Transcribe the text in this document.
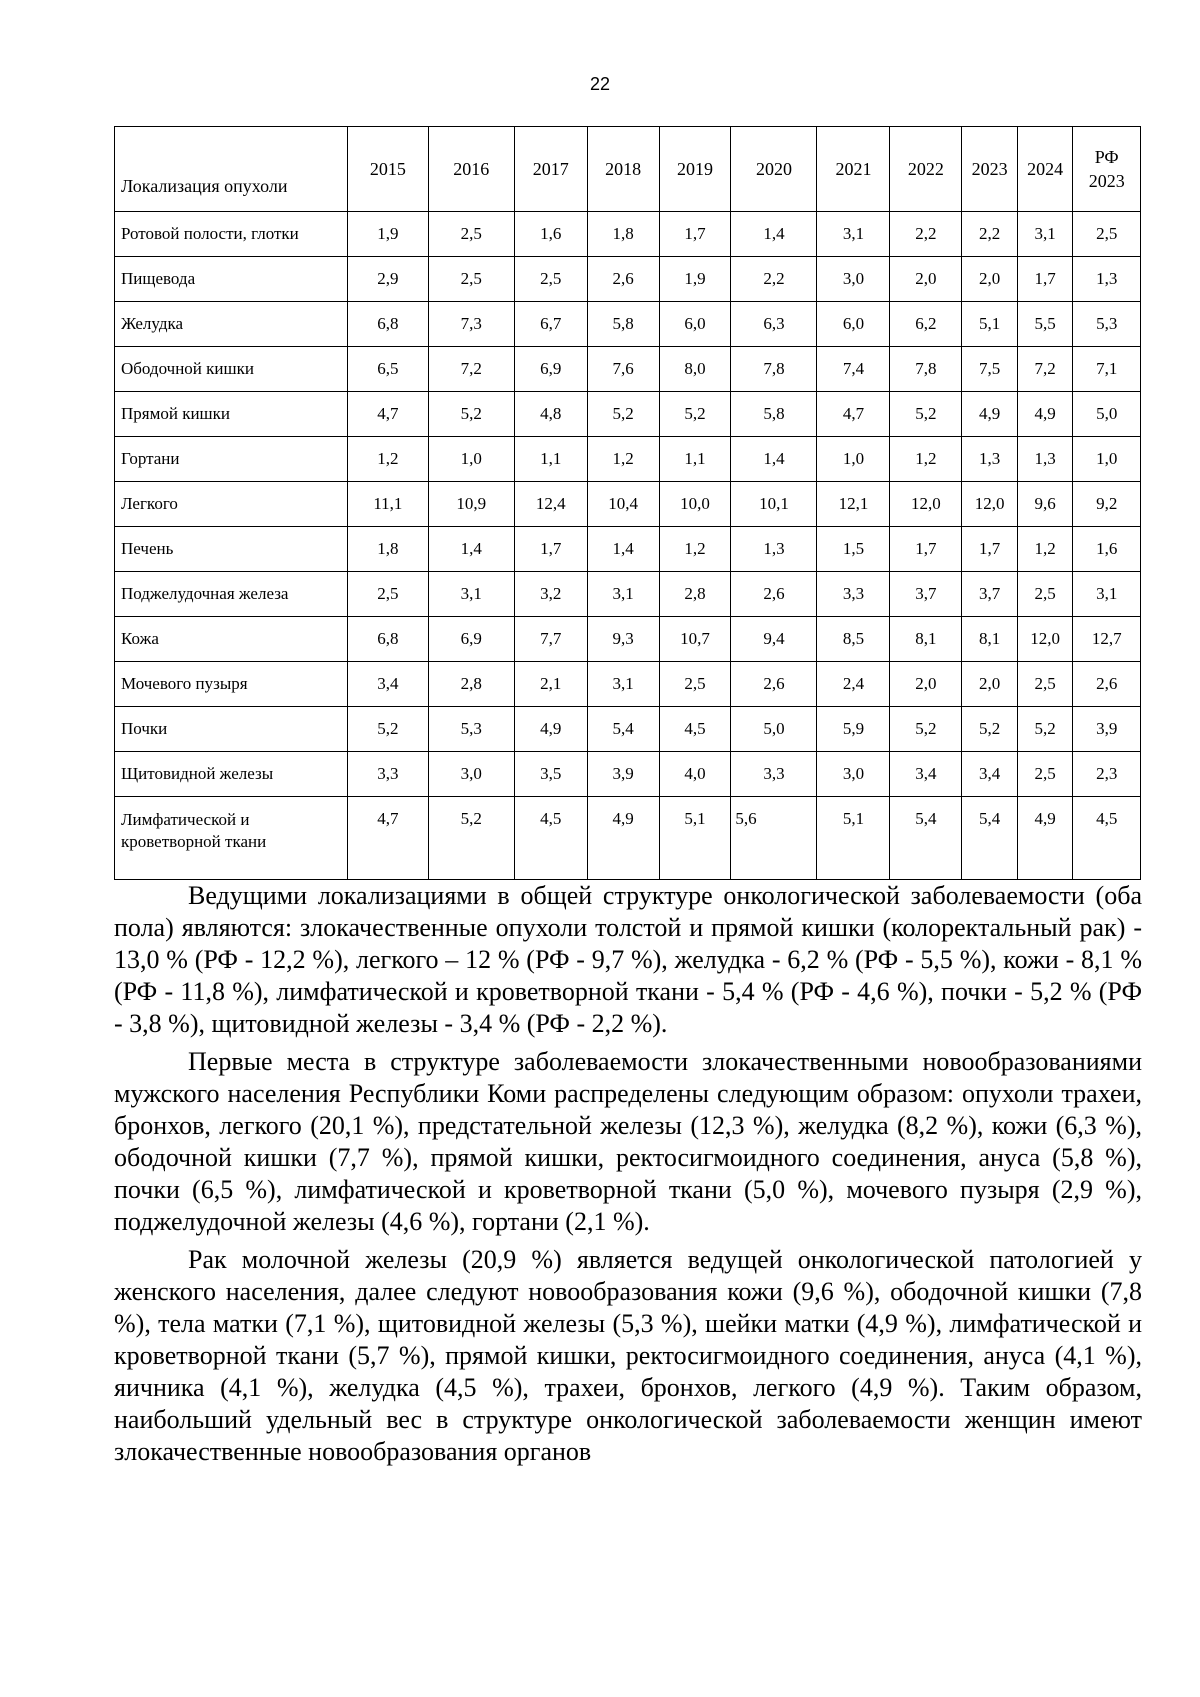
22
Локализация опухоли	2015	2016	2017	2018	2019	2020	2021	2022	2023	2024	РФ 2023
Ротовой полости, глотки	1,9	2,5	1,6	1,8	1,7	1,4	3,1	2,2	2,2	3,1	2,5
Пищевода	2,9	2,5	2,5	2,6	1,9	2,2	3,0	2,0	2,0	1,7	1,3
Желудка	6,8	7,3	6,7	5,8	6,0	6,3	6,0	6,2	5,1	5,5	5,3
Ободочной кишки	6,5	7,2	6,9	7,6	8,0	7,8	7,4	7,8	7,5	7,2	7,1
Прямой кишки	4,7	5,2	4,8	5,2	5,2	5,8	4,7	5,2	4,9	4,9	5,0
Гортани	1,2	1,0	1,1	1,2	1,1	1,4	1,0	1,2	1,3	1,3	1,0
Легкого	11,1	10,9	12,4	10,4	10,0	10,1	12,1	12,0	12,0	9,6	9,2
Печень	1,8	1,4	1,7	1,4	1,2	1,3	1,5	1,7	1,7	1,2	1,6
Поджелудочная железа	2,5	3,1	3,2	3,1	2,8	2,6	3,3	3,7	3,7	2,5	3,1
Кожа	6,8	6,9	7,7	9,3	10,7	9,4	8,5	8,1	8,1	12,0	12,7
Мочевого пузыря	3,4	2,8	2,1	3,1	2,5	2,6	2,4	2,0	2,0	2,5	2,6
Почки	5,2	5,3	4,9	5,4	4,5	5,0	5,9	5,2	5,2	5,2	3,9
Щитовидной железы	3,3	3,0	3,5	3,9	4,0	3,3	3,0	3,4	3,4	2,5	2,3
Лимфатической и кроветворной ткани	4,7	5,2	4,5	4,9	5,1	5,6	5,1	5,4	5,4	4,9	4,5

Ведущими локализациями в общей структуре онкологической заболеваемости (оба пола) являются: злокачественные опухоли толстой и прямой кишки (колоректальный рак) - 13,0 % (РФ - 12,2 %), легкого – 12 % (РФ - 9,7 %), желудка - 6,2 % (РФ - 5,5 %), кожи - 8,1 % (РФ - 11,8 %), лимфатической и кроветворной ткани - 5,4 % (РФ - 4,6 %), почки - 5,2 % (РФ - 3,8 %), щитовидной железы - 3,4 % (РФ - 2,2 %).

Первые места в структуре заболеваемости злокачественными новообразованиями мужского населения Республики Коми распределены следующим образом: опухоли трахеи, бронхов, легкого (20,1 %), предстательной железы (12,3 %), желудка (8,2 %), кожи (6,3 %), ободочной кишки (7,7 %), прямой кишки, ректосигмоидного соединения, ануса (5,8 %), почки (6,5 %), лимфатической и кроветворной ткани (5,0 %), мочевого пузыря (2,9 %), поджелудочной железы (4,6 %), гортани (2,1 %).

Рак молочной железы (20,9 %) является ведущей онкологической патологией у женского населения, далее следуют новообразования кожи (9,6 %), ободочной кишки (7,8 %), тела матки (7,1 %), щитовидной железы (5,3 %), шейки матки (4,9 %), лимфатической и кроветворной ткани (5,7 %), прямой кишки, ректосигмоидного соединения, ануса (4,1 %), яичника (4,1 %), желудка (4,5 %), трахеи, бронхов, легкого (4,9 %). Таким образом, наибольший удельный вес в структуре онкологической заболеваемости женщин имеют злокачественные новообразования органов
